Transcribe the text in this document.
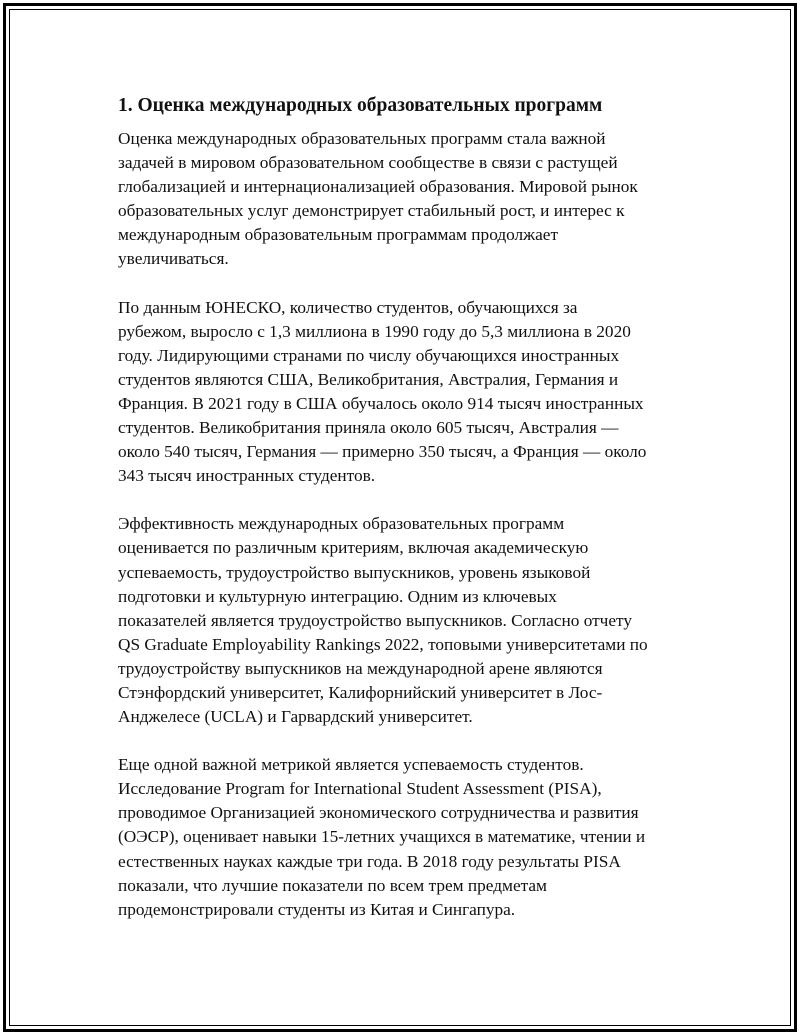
1. Оценка международных образовательных программ

Оценка международных образовательных программ стала важной
задачей в мировом образовательном сообществе в связи с растущей
глобализацией и интернационализацией образования. Мировой рынок
образовательных услуг демонстрирует стабильный рост, и интерес к
международным образовательным программам продолжает
увеличиваться.

По данным ЮНЕСКО, количество студентов, обучающихся за
рубежом, выросло с 1,3 миллиона в 1990 году до 5,3 миллиона в 2020
году. Лидирующими странами по числу обучающихся иностранных
студентов являются США, Великобритания, Австралия, Германия и
Франция. В 2021 году в США обучалось около 914 тысяч иностранных
студентов. Великобритания приняла около 605 тысяч, Австралия —
около 540 тысяч, Германия — примерно 350 тысяч, а Франция — около
343 тысяч иностранных студентов.

Эффективность международных образовательных программ
оценивается по различным критериям, включая академическую
успеваемость, трудоустройство выпускников, уровень языковой
подготовки и культурную интеграцию. Одним из ключевых
показателей является трудоустройство выпускников. Согласно отчету
QS Graduate Employability Rankings 2022, топовыми университетами по
трудоустройству выпускников на международной арене являются
Стэнфордский университет, Калифорнийский университет в Лос-
Анджелесе (UCLA) и Гарвардский университет.

Еще одной важной метрикой является успеваемость студентов.
Исследование Program for International Student Assessment (PISA),
проводимое Организацией экономического сотрудничества и развития
(ОЭСР), оценивает навыки 15-летних учащихся в математике, чтении и
естественных науках каждые три года. В 2018 году результаты PISA
показали, что лучшие показатели по всем трем предметам
продемонстрировали студенты из Китая и Сингапура.
